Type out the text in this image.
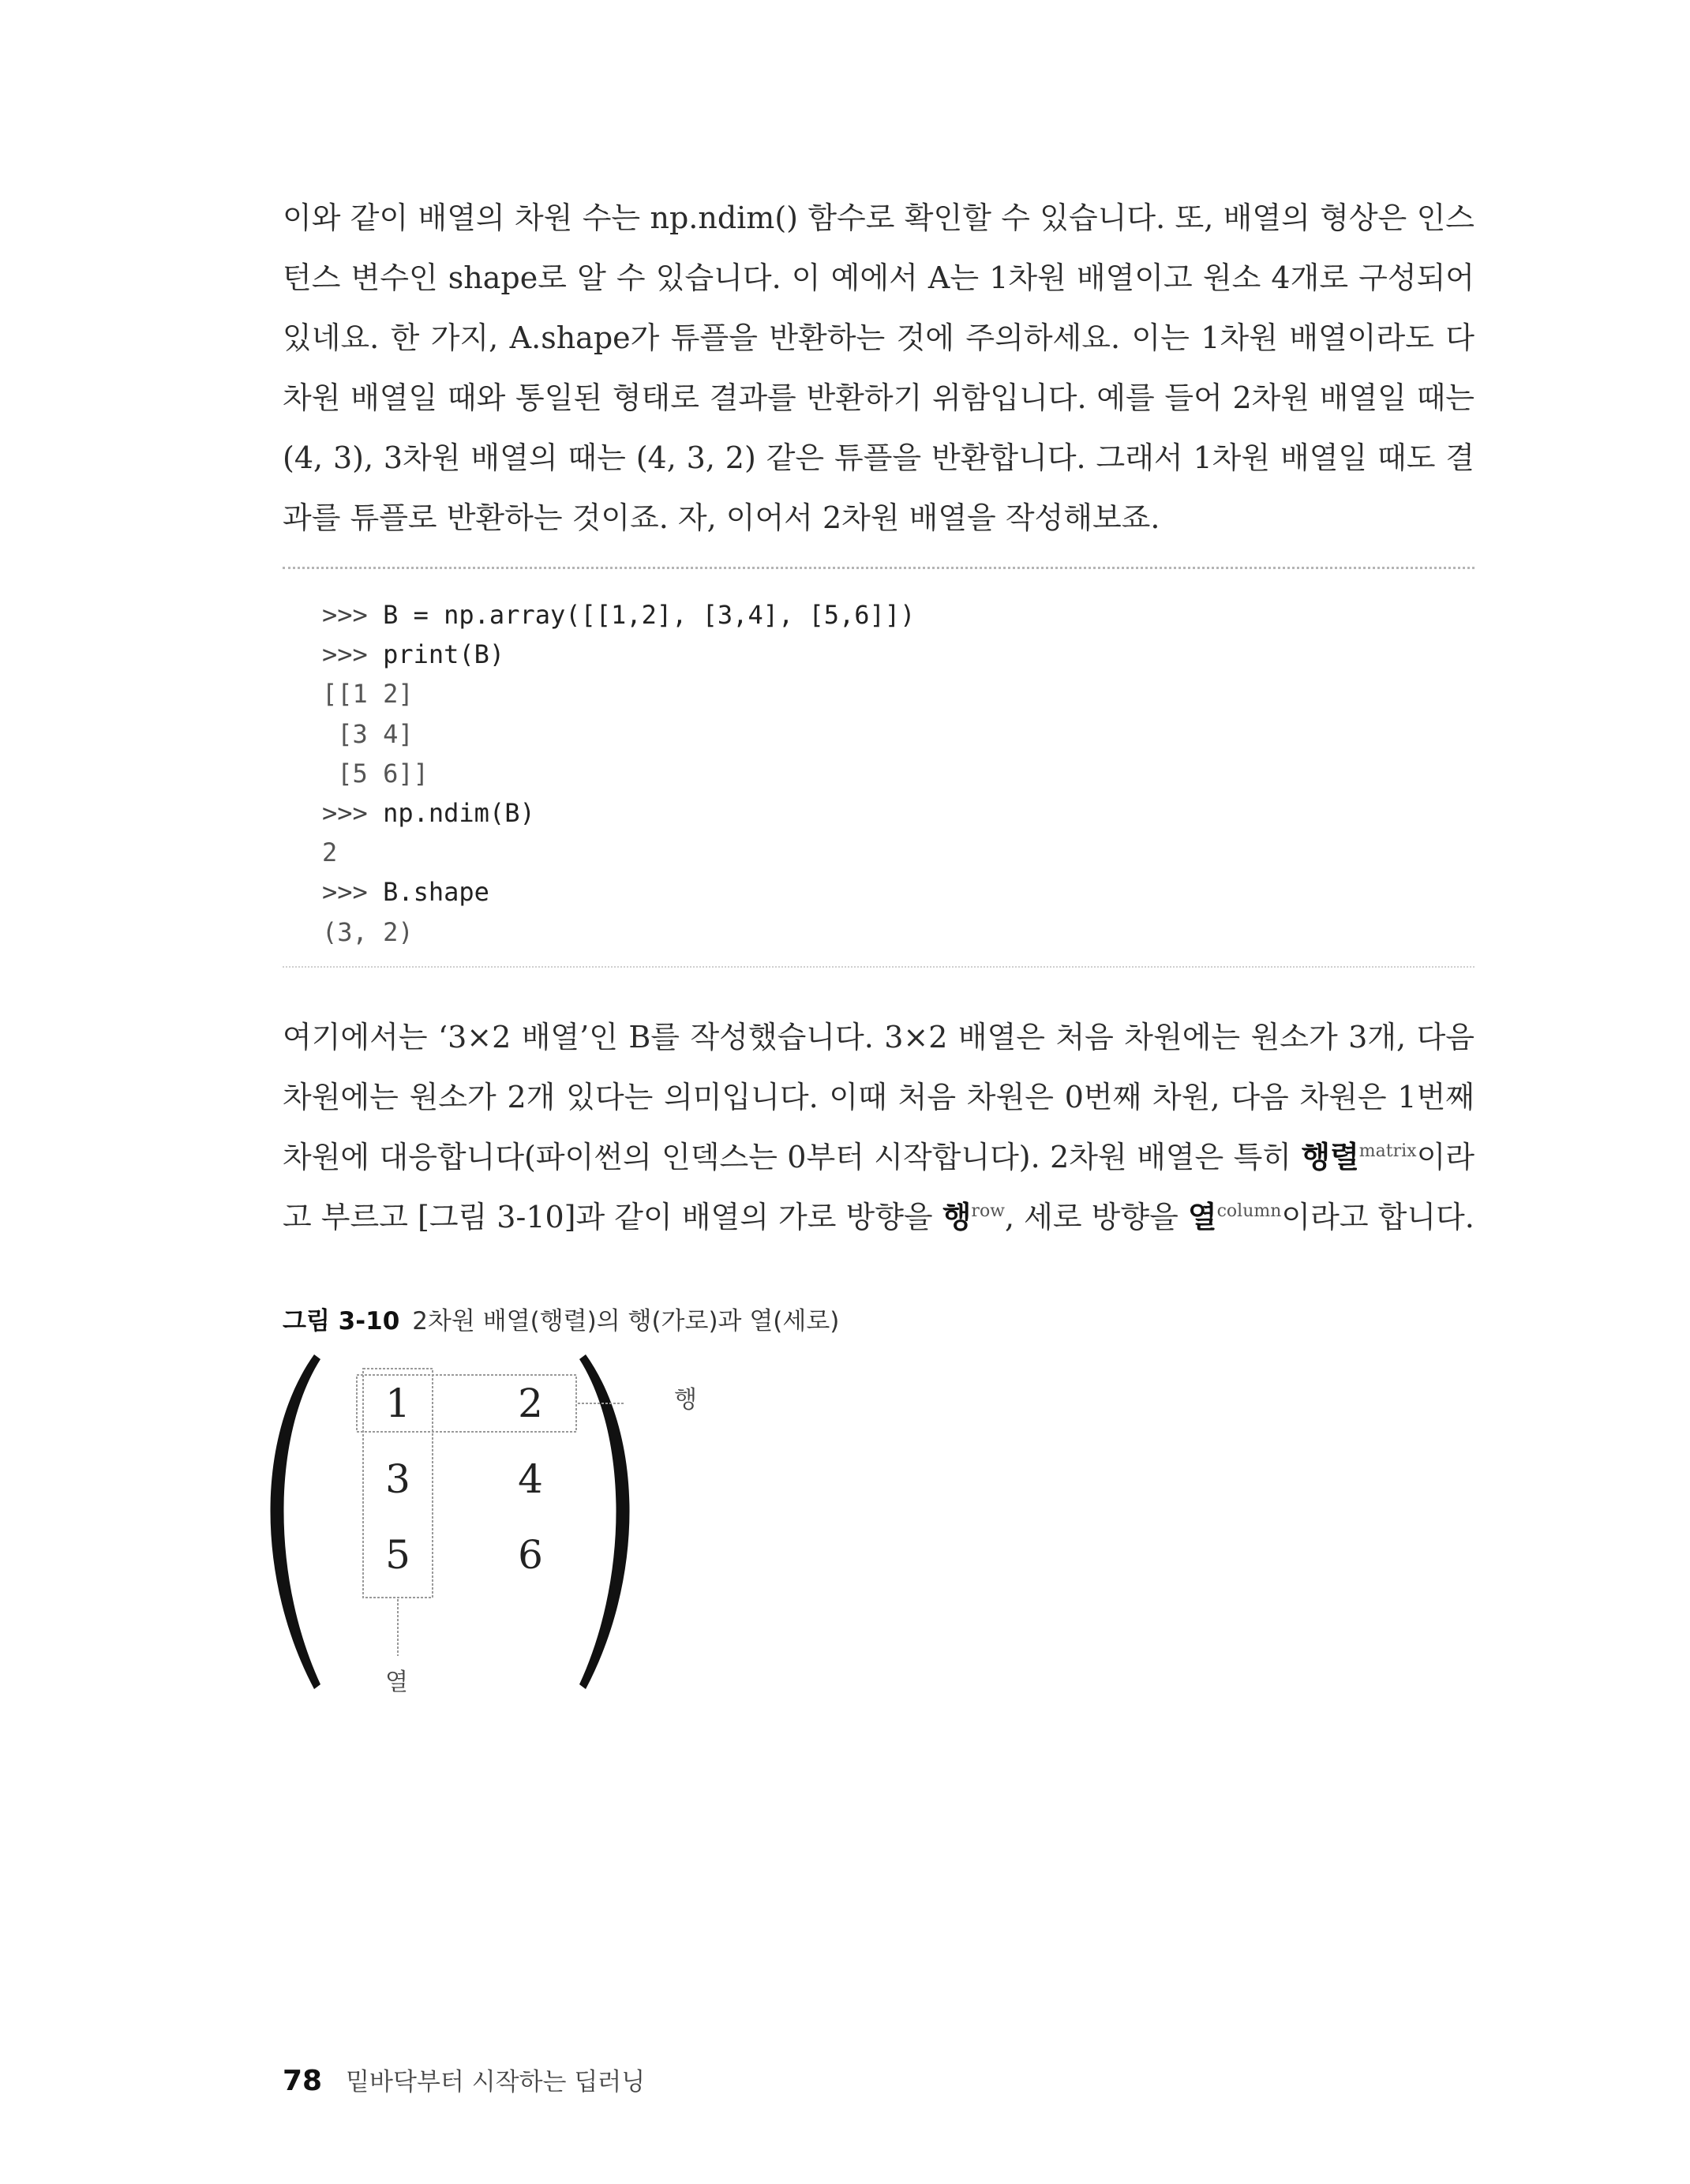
이와 같이 배열의 차원 수는 np.ndim() 함수로 확인할 수 있습니다. 또, 배열의 형상은 인스턴스 변수인 shape로 알 수 있습니다. 이 예에서 A는 1차원 배열이고 원소 4개로 구성되어 있네요. 한 가지, A.shape가 튜플을 반환하는 것에 주의하세요. 이는 1차원 배열이라도 다차원 배열일 때와 통일된 형태로 결과를 반환하기 위함입니다. 예를 들어 2차원 배열일 때는 (4, 3), 3차원 배열의 때는 (4, 3, 2) 같은 튜플을 반환합니다. 그래서 1차원 배열일 때도 결과를 튜플로 반환하는 것이죠. 자, 이어서 2차원 배열을 작성해보죠.

>>> B = np.array([[1,2], [3,4], [5,6]])
>>> print(B)
[[1 2]
[3 4]
[5 6]]
>>> np.ndim(B)
2
>>> B.shape
(3, 2)

여기에서는 ‘3×2 배열’인 B를 작성했습니다. 3×2 배열은 처음 차원에는 원소가 3개, 다음 차원에는 원소가 2개 있다는 의미입니다. 이때 처음 차원은 0번째 차원, 다음 차원은 1번째 차원에 대응합니다(파이썬의 인덱스는 0부터 시작합니다). 2차원 배열은 특히 행렬$^{matrix}$이라고 부르고 [그림 3-10]과 같이 배열의 가로 방향을 행$^{row}$, 세로 방향을 열$^{column}$이라고 합니다.

그림 3-10 2차원 배열(행렬)의 행(가로)과 열(세로)
1	2
3	4
5	6
행
열
78 밑바닥부터 시작하는 딥러닝
